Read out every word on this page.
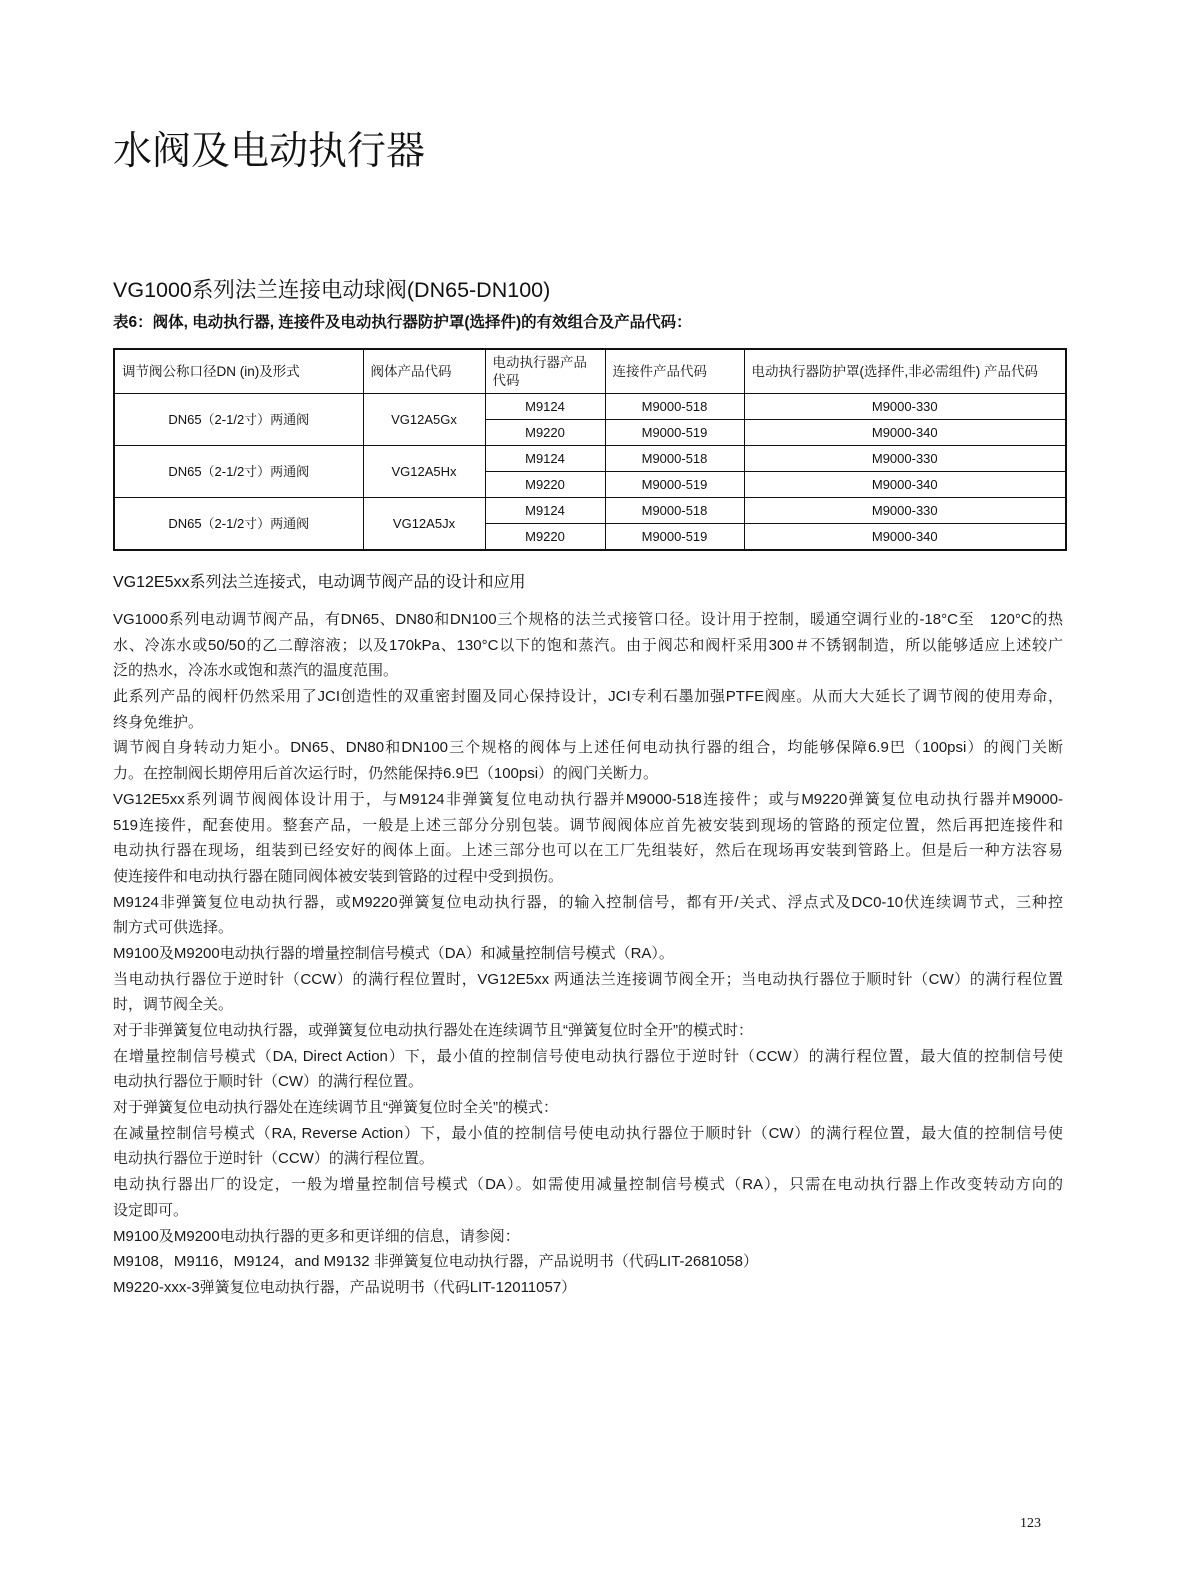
水阀及电动执行器
VG1000系列法兰连接电动球阀(DN65-DN100)
表6：阀体, 电动执行器, 连接件及电动执行器防护罩(选择件)的有效组合及产品代码：
调节阀公称口径DN (in)及形式	阀体产品代码	电动执行器产品代码	连接件产品代码	电动执行器防护罩(选择件,非必需组件) 产品代码
DN65（2-1/2寸）两通阀	VG12A5Gx	M9124	M9000-518	M9000-330
		M9220	M9000-519	M9000-340
DN65（2-1/2寸）两通阀	VG12A5Hx	M9124	M9000-518	M9000-330
		M9220	M9000-519	M9000-340
DN65（2-1/2寸）两通阀	VG12A5Jx	M9124	M9000-518	M9000-330
		M9220	M9000-519	M9000-340
VG12E5xx系列法兰连接式，电动调节阀产品的设计和应用
VG1000系列电动调节阀产品，有DN65、DN80和DN100三个规格的法兰式接管口径。设计用于控制，暖通空调行业的-18°C至　120°C的热
水、冷冻水或50/50的乙二醇溶液；以及170kPa、130°C以下的饱和蒸汽。由于阀芯和阀杆采用300＃不锈钢制造，所以能够适应上述较广
泛的热水，冷冻水或饱和蒸汽的温度范围。
此系列产品的阀杆仍然采用了JCI创造性的双重密封圈及同心保持设计，JCI专利石墨加强PTFE阀座。从而大大延长了调节阀的使用寿命，
终身免维护。
调节阀自身转动力矩小。DN65、DN80和DN100三个规格的阀体与上述任何电动执行器的组合，均能够保障6.9巴（100psi）的阀门关断
力。在控制阀长期停用后首次运行时，仍然能保持6.9巴（100psi）的阀门关断力。
VG12E5xx系列调节阀阀体设计用于，与M9124非弹簧复位电动执行器并M9000-518连接件；或与M9220弹簧复位电动执行器并M9000-
519连接件，配套使用。整套产品，一般是上述三部分分别包装。调节阀阀体应首先被安装到现场的管路的预定位置，然后再把连接件和
电动执行器在现场，组装到已经安好的阀体上面。上述三部分也可以在工厂先组装好，然后在现场再安装到管路上。但是后一种方法容易
使连接件和电动执行器在随同阀体被安装到管路的过程中受到损伤。
M9124非弹簧复位电动执行器，或M9220弹簧复位电动执行器，的输入控制信号，都有开/关式、浮点式及DC0-10伏连续调节式，三种控
制方式可供选择。
M9100及M9200电动执行器的增量控制信号模式（DA）和减量控制信号模式（RA）。
当电动执行器位于逆时针（CCW）的满行程位置时，VG12E5xx 两通法兰连接调节阀全开；当电动执行器位于顺时针（CW）的满行程位置
时，调节阀全关。
对于非弹簧复位电动执行器，或弹簧复位电动执行器处在连续调节且“弹簧复位时全开”的模式时：
在增量控制信号模式（DA, Direct Action）下，最小值的控制信号使电动执行器位于逆时针（CCW）的满行程位置，最大值的控制信号使
电动执行器位于顺时针（CW）的满行程位置。
对于弹簧复位电动执行器处在连续调节且“弹簧复位时全关”的模式：
在减量控制信号模式（RA, Reverse Action）下，最小值的控制信号使电动执行器位于顺时针（CW）的满行程位置，最大值的控制信号使
电动执行器位于逆时针（CCW）的满行程位置。
电动执行器出厂的设定，一般为增量控制信号模式（DA）。如需使用减量控制信号模式（RA），只需在电动执行器上作改变转动方向的
设定即可。
M9100及M9200电动执行器的更多和更详细的信息，请参阅：
M9108，M9116，M9124，and M9132 非弹簧复位电动执行器，产品说明书（代码LIT-2681058）
M9220-xxx-3弹簧复位电动执行器，产品说明书（代码LIT-12011057）
123
